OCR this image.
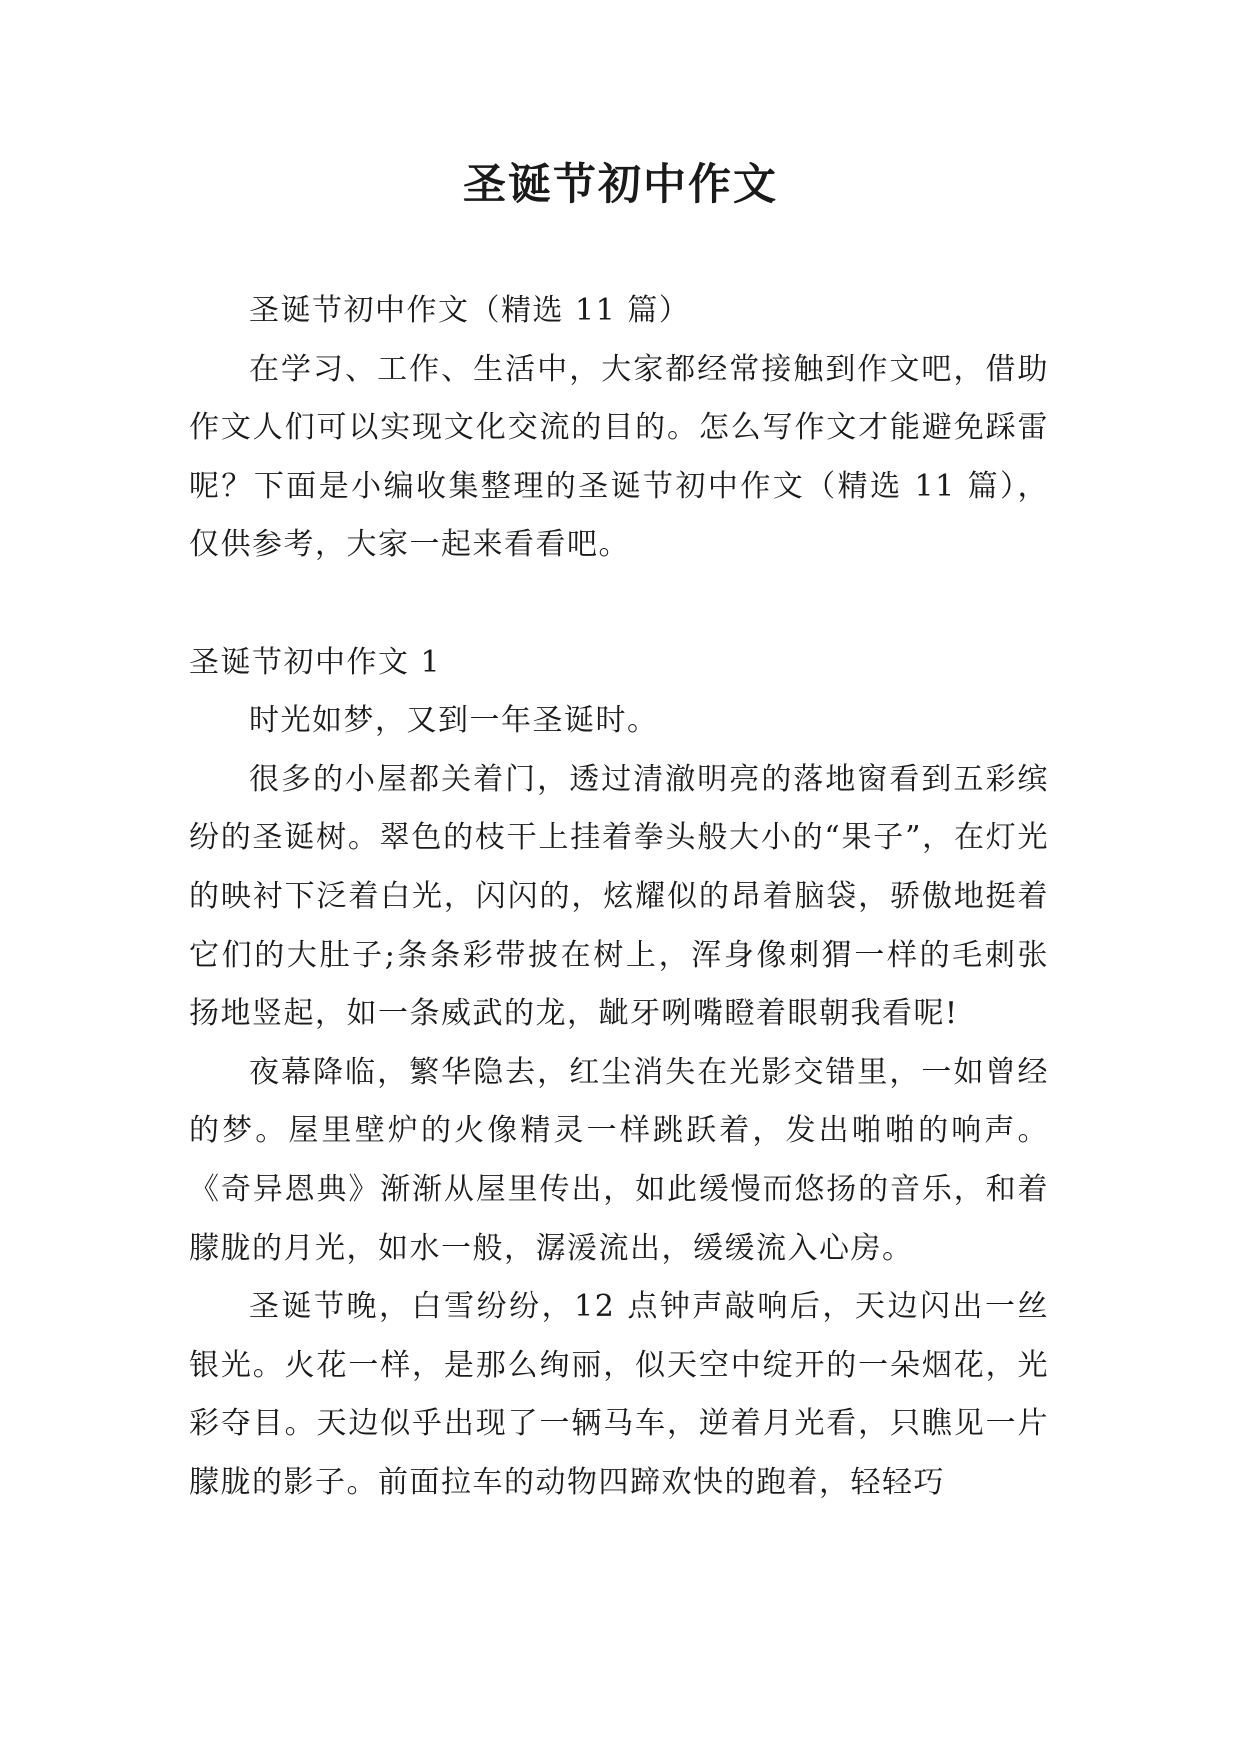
圣诞节初中作文

圣诞节初中作文（精选 11 篇）

在学习、工作、生活中，大家都经常接触到作文吧，借助作文人们可以实现文化交流的目的。怎么写作文才能避免踩雷呢？下面是小编收集整理的圣诞节初中作文（精选 11 篇），仅供参考，大家一起来看看吧。

圣诞节初中作文 1

时光如梦，又到一年圣诞时。

很多的小屋都关着门，透过清澈明亮的落地窗看到五彩缤纷的圣诞树。翠色的枝干上挂着拳头般大小的“果子”，在灯光的映衬下泛着白光，闪闪的，炫耀似的昂着脑袋，骄傲地挺着它们的大肚子;条条彩带披在树上，浑身像刺猬一样的毛刺张扬地竖起，如一条威武的龙，龇牙咧嘴瞪着眼朝我看呢!

夜幕降临，繁华隐去，红尘消失在光影交错里，一如曾经的梦。屋里壁炉的火像精灵一样跳跃着，发出啪啪的响声。《奇异恩典》渐渐从屋里传出，如此缓慢而悠扬的音乐，和着朦胧的月光，如水一般，潺湲流出，缓缓流入心房。

圣诞节晚，白雪纷纷，12 点钟声敲响后，天边闪出一丝银光。火花一样，是那么绚丽，似天空中绽开的一朵烟花，光彩夺目。天边似乎出现了一辆马车，逆着月光看，只瞧见一片朦胧的影子。前面拉车的动物四蹄欢快的跑着，轻轻巧
